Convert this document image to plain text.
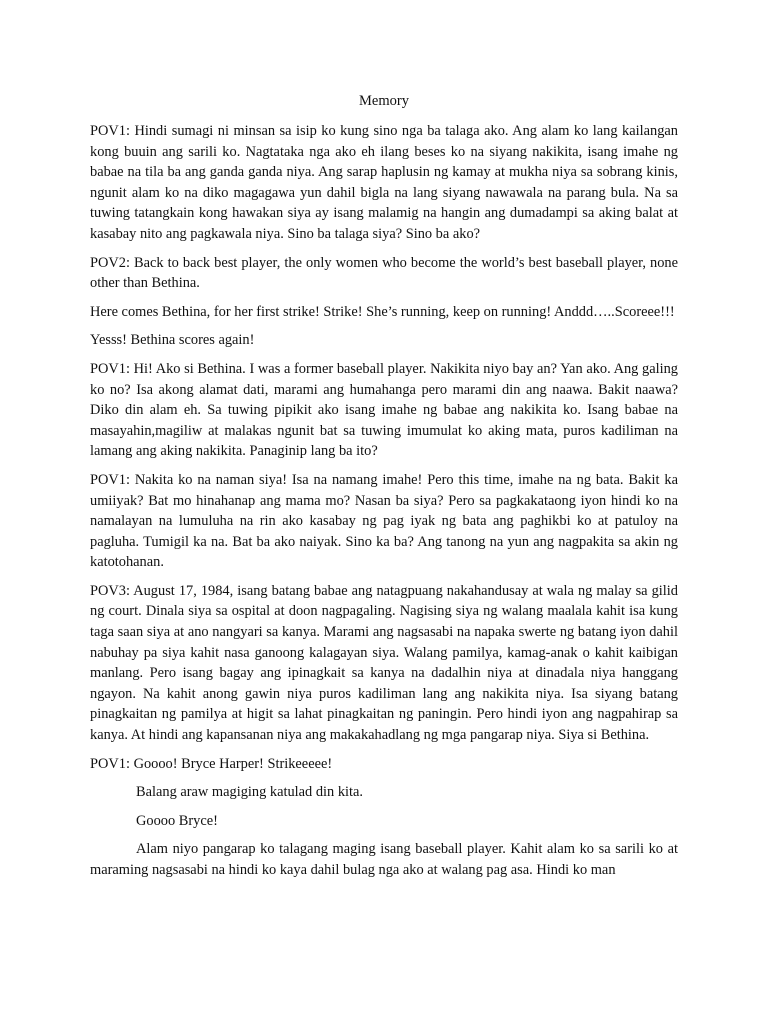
Memory

POV1: Hindi sumagi ni minsan sa isip ko kung sino nga ba talaga ako. Ang alam ko lang kailangan kong buuin ang sarili ko. Nagtataka nga ako eh ilang beses ko na siyang nakikita, isang imahe ng babae na tila ba ang ganda ganda niya. Ang sarap haplusin ng kamay at mukha niya sa sobrang kinis, ngunit alam ko na diko magagawa yun dahil bigla na lang siyang nawawala na parang bula. Na sa tuwing tatangkain kong hawakan siya ay isang malamig na hangin ang dumadampi sa aking balat at kasabay nito ang pagkawala niya. Sino ba talaga siya? Sino ba ako?

POV2: Back to back best player, the only women who become the world’s best baseball player, none other than Bethina.

Here comes Bethina, for her first strike! Strike! She’s running, keep on running! Anddd…..Scoreee!!!

Yesss! Bethina scores again!

POV1: Hi! Ako si Bethina. I was a former baseball player. Nakikita niyo bay an? Yan ako. Ang galing ko no? Isa akong alamat dati, marami ang humahanga pero marami din ang naawa. Bakit naawa? Diko din alam eh. Sa tuwing pipikit ako isang imahe ng babae ang nakikita ko. Isang babae na masayahin,magiliw at malakas ngunit bat sa tuwing imumulat ko aking mata, puros kadiliman na lamang ang aking nakikita. Panaginip lang ba ito?

POV1: Nakita ko na naman siya! Isa na namang imahe! Pero this time, imahe na ng bata. Bakit ka umiiyak? Bat mo hinahanap ang mama mo? Nasan ba siya? Pero sa pagkakataong iyon hindi ko na namalayan na lumuluha na rin ako kasabay ng pag iyak ng bata ang paghikbi ko at patuloy na pagluha. Tumigil ka na. Bat ba ako naiyak. Sino ka ba? Ang tanong na yun ang nagpakita sa akin ng katotohanan.

POV3: August 17, 1984, isang batang babae ang natagpuang nakahandusay at wala ng malay sa gilid ng court. Dinala siya sa ospital at doon nagpagaling. Nagising siya ng walang maalala kahit isa kung taga saan siya at ano nangyari sa kanya. Marami ang nagsasabi na napaka swerte ng batang iyon dahil nabuhay pa siya kahit nasa ganoong kalagayan siya. Walang pamilya, kamag-anak o kahit kaibigan manlang. Pero isang bagay ang ipinagkait sa kanya na dadalhin niya at dinadala niya hanggang ngayon. Na kahit anong gawin niya puros kadiliman lang ang nakikita niya. Isa siyang batang pinagkaitan ng pamilya at higit sa lahat pinagkaitan ng paningin. Pero hindi iyon ang nagpahirap sa kanya. At hindi ang kapansanan niya ang makakahadlang ng mga pangarap niya. Siya si Bethina.

POV1: Goooo! Bryce Harper! Strikeeeee!

Balang araw magiging katulad din kita.

Goooo Bryce!

Alam niyo pangarap ko talagang maging isang baseball player. Kahit alam ko sa sarili ko at maraming nagsasabi na hindi ko kaya dahil bulag nga ako at walang pag asa. Hindi ko man
